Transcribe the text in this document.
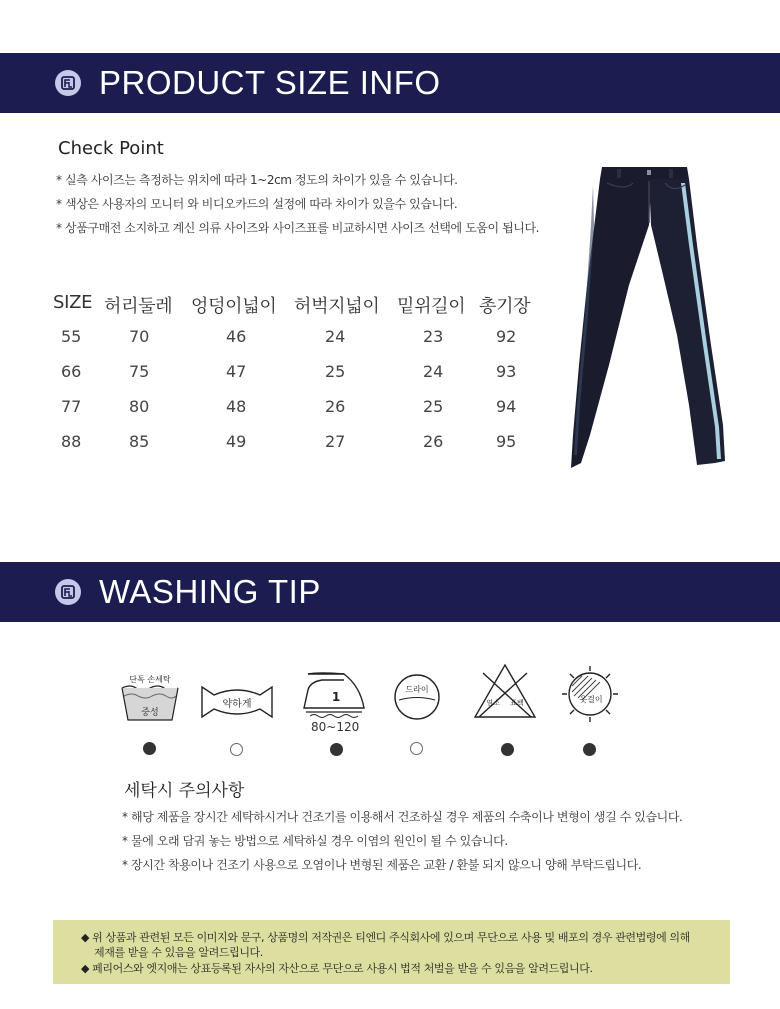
PRODUCT SIZE INFO
Check Point
* 실측 사이즈는 측정하는 위치에 따라 1~2cm 정도의 차이가 있을 수 있습니다.
* 색상은 사용자의 모니터 와 비디오카드의 설정에 따라 차이가 있을수 있습니다.
* 상품구매전 소지하고 계신 의류 사이즈와 사이즈표를 비교하시면 사이즈 선택에 도움이 됩니다.
SIZE 허리둘레 엉덩이넓이 허벅지넓이 밑위길이 총기장
55	70	46	24	23	92
66	75	47	25	24	93
77	80	48	26	25	94
88	85	49	27	26	95
WASHING TIP
단독 손세탁
중성
약하게
1
80~120
드라이
염소 표백	옷걸이
세탁시 주의사항
* 해당 제품을 장시간 세탁하시거나 건조기를 이용해서 건조하실 경우 제품의 수축이나 변형이 생길 수 있습니다.
* 물에 오래 담궈 놓는 방법으로 세탁하실 경우 이염의 원인이 될 수 있습니다.
* 장시간 착용이나 건조기 사용으로 오염이나 변형된 제품은 교환 / 환불 되지 않으니 양해 부탁드립니다.
◆ 위 상품과 관련된 모든 이미지와 문구, 상품명의 저작권은 티엔디 주식회사에 있으며 무단으로 사용 및 배포의 경우 관련법령에 의해
제재를 받을 수 있음을 알려드립니다.
◆ 페리어스와 엣지애는 상표등록된 자사의 자산으로 무단으로 사용시 법적 처벌을 받을 수 있음을 알려드립니다.
